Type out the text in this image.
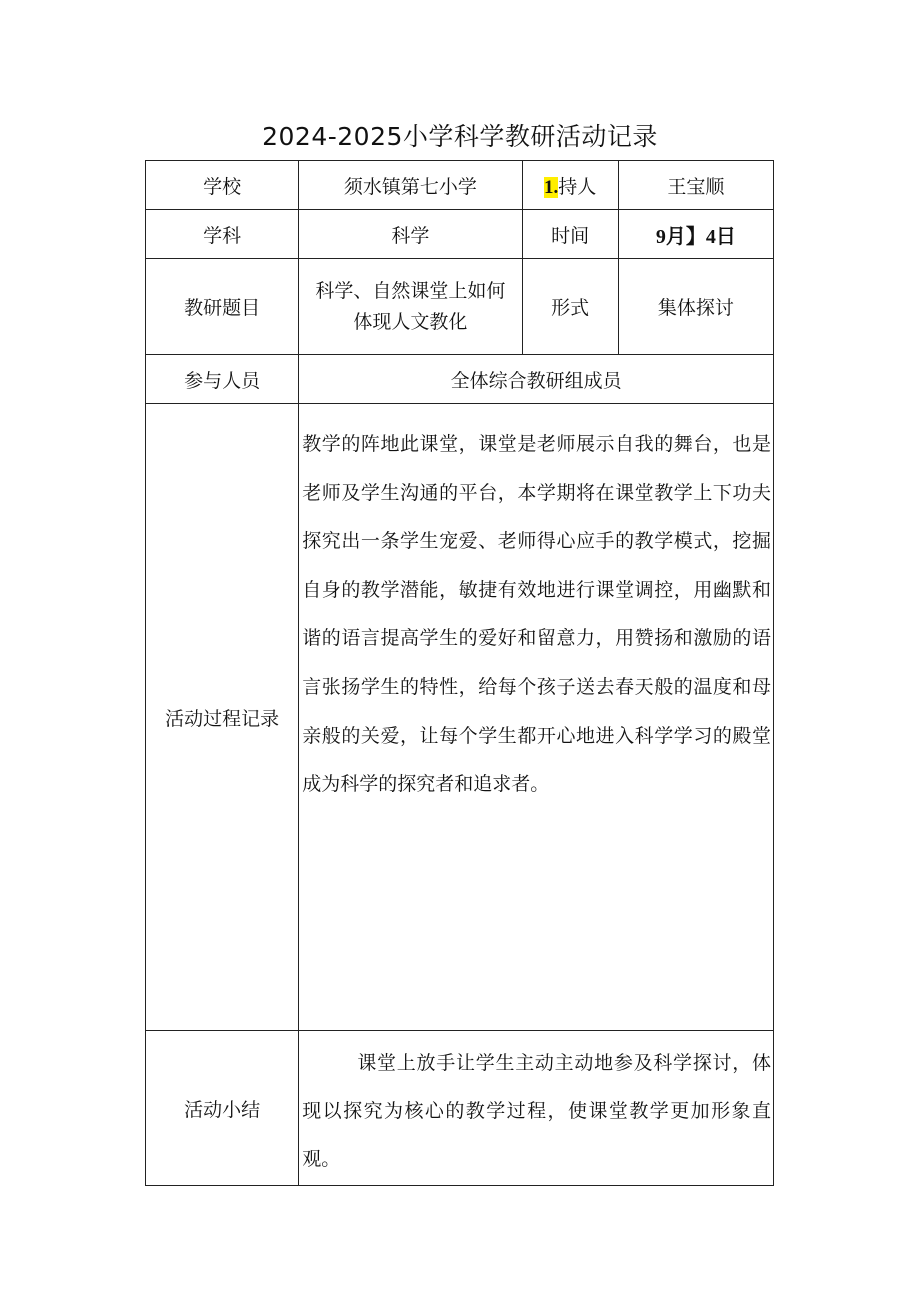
2024-2025小学科学教研活动记录
学校	须水镇第七小学	1.持人	王宝顺
学科	科学	时间	9月】4日
教研题目	科学、自然课堂上如何体现人文教化	形式	集体探讨
参与人员	全体综合教研组成员		
活动过程记录	教学的阵地此课堂，课堂是老师展示自我的舞台，也是老师及学生沟通的平台，本学期将在课堂教学上下功夫探究出一条学生宠爱、老师得心应手的教学模式，挖掘自身的教学潜能，敏捷有效地进行课堂调控，用幽默和谐的语言提高学生的爱好和留意力，用赞扬和激励的语言张扬学生的特性，给每个孩子送去春天般的温度和母亲般的关爱，让每个学生都开心地进入科学学习的殿堂成为科学的探究者和追求者。		

活动小结	课堂上放手让学生主动主动地参及科学探讨，体现以探究为核心的教学过程，使课堂教学更加形象直观。		
